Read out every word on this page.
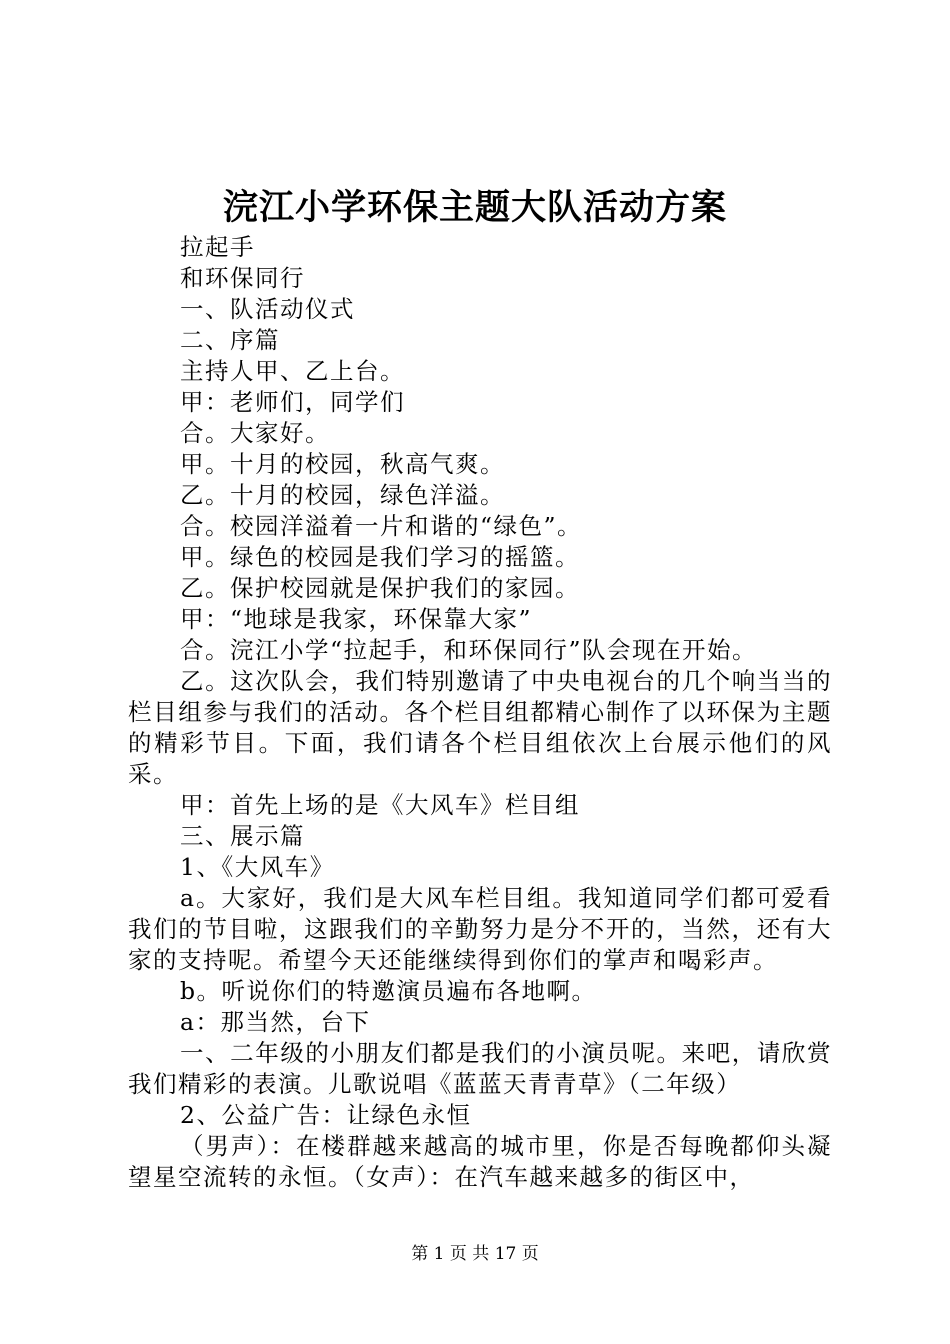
浣江小学环保主题大队活动方案

拉起手

和环保同行

一、队活动仪式

二、序篇

主持人甲、乙上台。

甲：老师们，同学们

合。大家好。

甲。十月的校园，秋高气爽。

乙。十月的校园，绿色洋溢。

合。校园洋溢着一片和谐的“绿色”。

甲。绿色的校园是我们学习的摇篮。

乙。保护校园就是保护我们的家园。

甲：“地球是我家，环保靠大家”

合。浣江小学“拉起手，和环保同行”队会现在开始。

乙。这次队会，我们特别邀请了中央电视台的几个响当当的栏目组参与我们的活动。各个栏目组都精心制作了以环保为主题的精彩节目。下面，我们请各个栏目组依次上台展示他们的风采。

甲：首先上场的是《大风车》栏目组

三、展示篇

1、《大风车》

a。大家好，我们是大风车栏目组。我知道同学们都可爱看我们的节目啦，这跟我们的辛勤努力是分不开的，当然，还有大家的支持呢。希望今天还能继续得到你们的掌声和喝彩声。

b。听说你们的特邀演员遍布各地啊。

a：那当然，台下

一、二年级的小朋友们都是我们的小演员呢。来吧，请欣赏我们精彩的表演。儿歌说唱《蓝蓝天青青草》（二年级）

2、公益广告：让绿色永恒

（男声）：在楼群越来越高的城市里，你是否每晚都仰头凝望星空流转的永恒。（女声）：在汽车越来越多的街区中，

第 1 页 共 17 页
